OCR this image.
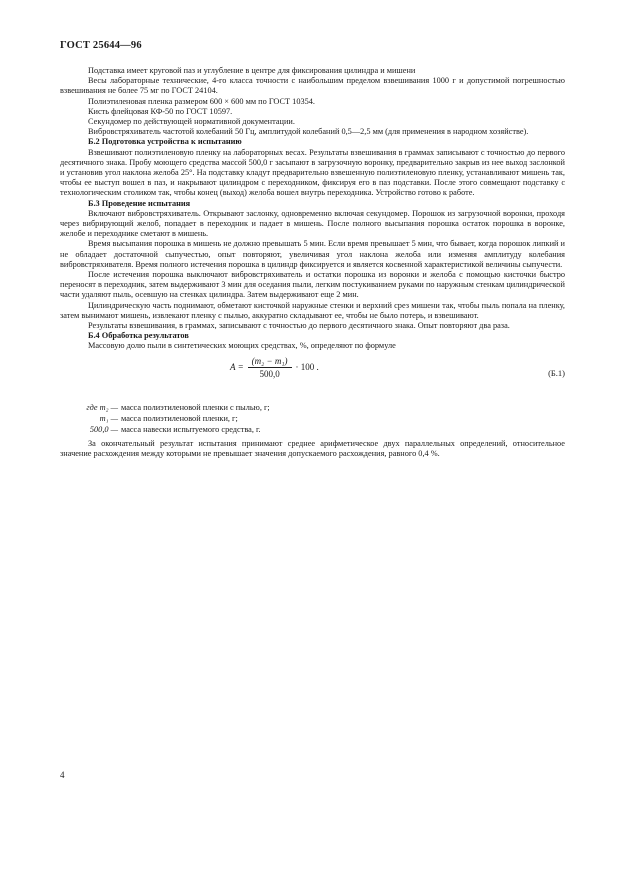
ГОСТ 25644—96

Подставка имеет круговой паз и углубление в центре для фиксирования цилиндра и мишени

Весы лабораторные технические, 4-го класса точности с наибольшим пределом взвешивания 1000 г и допустимой погрешностью взвешивания не более 75 мг по ГОСТ 24104.

Полиэтиленовая пленка размером 600 × 600 мм по ГОСТ 10354.

Кисть флейцовая КФ-50 по ГОСТ 10597.

Секундомер по действующей нормативной документации.

Вибровстряхиватель частотой колебаний 50 Гц, амплитудой колебаний 0,5—2,5 мм (для применения в народном хозяйстве).

Б.2 Подготовка устройства к испытанию

Взвешивают полиэтиленовую пленку на лабораторных весах. Результаты взвешивания в граммах записывают с точностью до первого десятичного знака. Пробу моющего средства массой 500,0 г засыпают в загрузочную воронку, предварительно закрыв из нее выход заслонкой и установив угол наклона желоба 25°. На подставку кладут предварительно взвешенную полиэтиленовую пленку, устанавливают мишень так, чтобы ее выступ вошел в паз, и накрывают цилиндром с переходником, фиксируя его в паз подставки. После этого совмещают подставку с технологическим столиком так, чтобы конец (выход) желоба вошел внутрь переходника. Устройство готово к работе.

Б.3 Проведение испытания

Включают вибровстряхиватель. Открывают заслонку, одновременно включая секундомер. Порошок из загрузочной воронки, проходя через вибрирующий желоб, попадает в переходник и падает в мишень. После полного высыпания порошка остаток порошка в воронке, желобе и переходнике сметают в мишень.

Время высыпания порошка в мишень не должно превышать 5 мин. Если время превышает 5 мин, что бывает, когда порошок липкий и не обладает достаточной сыпучестью, опыт повторяют, увеличивая угол наклона желоба или изменяя амплитуду колебания вибровстряхивателя. Время полного истечения порошка в цилиндр фиксируется и является косвенной характеристикой величины сыпучести.

После истечения порошка выключают вибровстряхиватель и остатки порошка из воронки и желоба с помощью кисточки быстро переносят в переходник, затем выдерживают 3 мин для оседания пыли, легким постукиванием руками по наружным стенкам цилиндрической части удаляют пыль, осевшую на стенках цилиндра. Затем выдерживают еще 2 мин.

Цилиндрическую часть поднимают, обметают кисточкой наружные стенки и верхний срез мишени так, чтобы пыль попала на пленку, затем вынимают мишень, извлекают пленку с пылью, аккуратно складывают ее, чтобы не было потерь, и взвешивают.

Результаты взвешивания, в граммах, записывают с точностью до первого десятичного знака. Опыт повторяют два раза.

Б.4 Обработка результатов

Массовую долю пыли в синтетических моющих средствах, %, определяют по формуле

$A = \frac{\text{(m₂ − m₁)}}{500,0} \cdot 100$ .
(Б.1)
где m₂ — масса полиэтиленовой пленки с пылью, г;
m₁ — масса полиэтиленовой пленки, г;
500,0 — масса навески испытуемого средства, г.

За окончательный результат испытания принимают среднее арифметическое двух параллельных определений, относительное значение расхождения между которыми не превышает значения допускаемого расхождения, равного 0,4 %.

4
